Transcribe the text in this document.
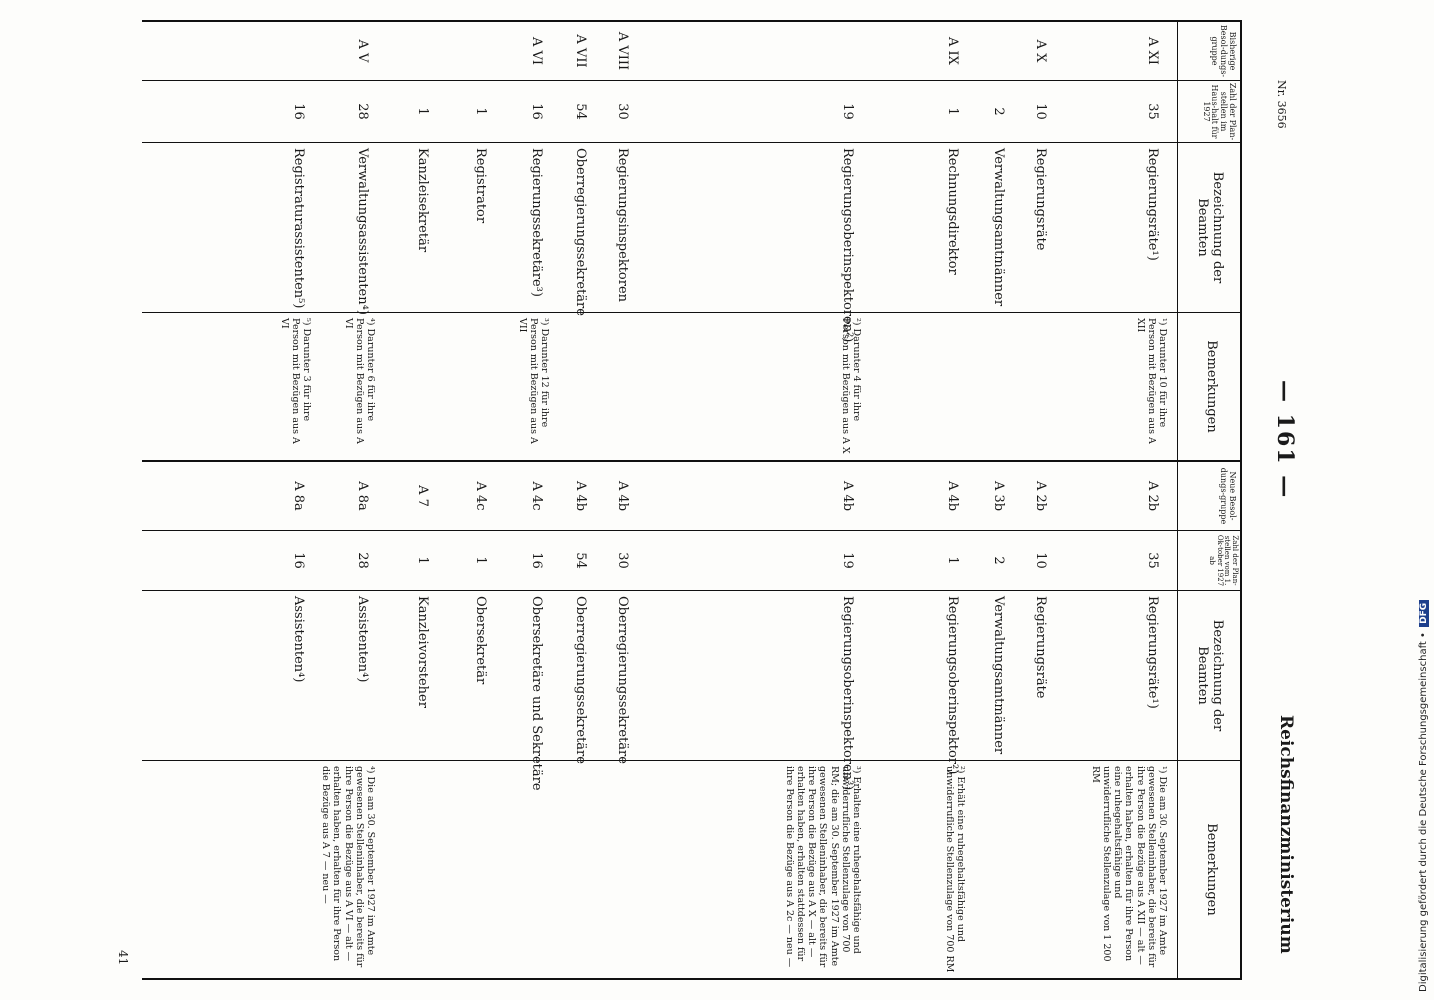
Nr. 3656
— 161 —
Reichsfinanzministerium
Bisherige Besol-dungs-gruppe
Zahl der Plan-stellen im Haus-halt für 1927
Bezeichnung der Beamten
Bemerkungen
Neue Besol-dungs-gruppe
Zahl der Plan-stellen vom 1. Ok-tober 1927 ab
Bezeichnung der Beamten
Bemerkungen
A XI
35
Regierungsräte¹)
¹) Darunter 10 für ihre Person mit Bezügen aus A XII
A X
10
Regierungsräte
2
Verwaltungsamtmänner
A IX
1
Rechnungsdirektor
19
Regierungsoberinspektoren²)
²) Darunter 4 für ihre Person mit Bezügen aus A X
A VIII
30
Regierungsinspektoren
A VII
54
Oberregierungssekretäre
A VI
16
Regierungssekretäre³)
³) Darunter 12 für ihre Person mit Bezügen aus A VII
1
Registrator
1
Kanzleisekretär
A V
28
Verwaltungsassistenten⁴)
⁴) Darunter 6 für ihre Person mit Bezügen aus A VI
16
Registraturassistenten⁵)
⁵) Darunter 3 für ihre Person mit Bezügen aus A VI
A 2b
35
Regierungsräte¹)
¹) Die am 30. September 1927 im Amte gewesenen Stelleninhaber, die bereits für ihre Person die Bezüge aus A XII — alt — erhalten haben, erhalten für ihre Person eine ruhegehaltsfähige und unwiderrufliche Stellenzulage von 1 200 RM
A 2b
10
Regierungsräte
A 3b
2
Verwaltungsamtmänner
A 4b
1
Regierungsoberinspektor²)
²) Erhält eine ruhegehaltsfähige und unwiderrufliche Stellenzulage von 700 RM
A 4b
19
Regierungsoberinspektoren³)
³) Erhalten eine ruhegehaltsfähige und unwiderrufliche Stellenzulage von 700 RM; die am 30. September 1927 im Amte gewesenen Stelleninhaber, die bereits für ihre Person die Bezüge aus A X — alt — erhalten haben, erhalten stattdessen für ihre Person die Bezüge aus A 2c — neu —
A 4b
30
Oberregierungssekretäre
A 4b
54
Oberregierungssekretäre
A 4c
16
Obersekretäre und Sekretäre
A 4c
1
Obersekretär
A 7
1
Kanzleivorsteher
A 8a
28
Assistenten⁴)
⁴) Die am 30. September 1927 im Amte gewesenen Stelleninhaber, die bereits für ihre Person die Bezüge aus A VI — alt — erhalten haben, erhalten für ihre Person die Bezüge aus A 7 — neu —
A 8a
16
Assistenten⁴)
41	Digitalisierung gefördert durch die Deutsche Forschungsgemeinschaft • DFG
